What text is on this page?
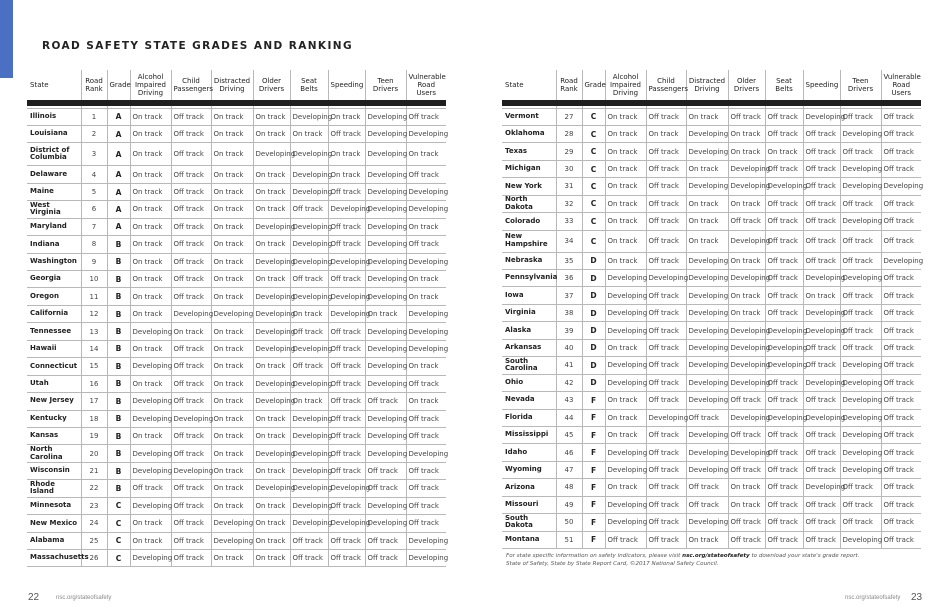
ROAD SAFETY STATE GRADES AND RANKING
State	Road Rank	Grade	Alcohol Impaired Driving	Child Passengers	Distracted Driving	Older Drivers	Seat Belts	Speeding	Teen Drivers	Vulnerable Road Users

Illinois	1	A	On track	Off track	On track	On track	Developing	On track	Developing	Off track
Louisiana	2	A	On track	Off track	On track	On track	On track	Off track	Developing	Developing
District of Columbia	3	A	On track	Off track	On track	Developing	Developing	On track	Developing	On track
Delaware	4	A	On track	Off track	On track	On track	Developing	On track	Developing	Off track
Maine	5	A	On track	Off track	On track	On track	Developing	Off track	Developing	Developing
West Virginia	6	A	On track	Off track	On track	On track	Off track	Developing	Developing	Developing
Maryland	7	A	On track	Off track	On track	Developing	Developing	Off track	Developing	On track
Indiana	8	B	On track	Off track	On track	On track	Developing	Off track	Developing	Off track
Washington	9	B	On track	Off track	On track	Developing	Developing	Developing	Developing	Developing
Georgia	10	B	On track	Off track	On track	On track	Off track	Off track	Developing	On track
Oregon	11	B	On track	Off track	On track	Developing	Developing	Developing	Developing	On track
California	12	B	On track	Developing	Developing	Developing	On track	Developing	On track	Developing
Tennessee	13	B	Developing	On track	On track	Developing	Off track	Off track	Developing	Developing
Hawaii	14	B	On track	Off track	On track	Developing	Developing	Off track	Developing	Developing
Connecticut	15	B	Developing	Off track	On track	On track	Off track	Off track	Developing	On track
Utah	16	B	On track	Off track	On track	Developing	Developing	Off track	Developing	Off track
New Jersey	17	B	Developing	Off track	On track	Developing	On track	Off track	Off track	On track
Kentucky	18	B	Developing	Developing	On track	On track	Developing	Off track	Developing	Off track
Kansas	19	B	On track	Off track	On track	On track	Developing	Off track	Developing	Off track
North Carolina	20	B	Developing	Off track	On track	Developing	Developing	Off track	Developing	Developing
Wisconsin	21	B	Developing	Developing	On track	On track	Developing	Off track	Off track	Off track
Rhode Island	22	B	Off track	Off track	On track	Developing	Developing	Developing	Off track	Off track
Minnesota	23	C	Developing	Off track	On track	On track	Developing	Off track	Developing	Off track
New Mexico	24	C	On track	Off track	Developing	On track	Developing	Developing	Developing	Off track
Alabama	25	C	On track	Off track	Developing	On track	Off track	Off track	Off track	Developing
Massachusetts	26	C	Developing	Off track	On track	On track	Off track	Off track	Off track	Developing
State	Road Rank	Grade	Alcohol Impaired Driving	Child Passengers	Distracted Driving	Older Drivers	Seat Belts	Speeding	Teen Drivers	Vulnerable Road Users

Vermont	27	C	On track	Off track	On track	Off track	Off track	Developing	Off track	Off track
Oklahoma	28	C	On track	On track	Developing	On track	Off track	Off track	Developing	Off track
Texas	29	C	On track	Off track	Developing	On track	On track	Off track	Off track	Off track
Michigan	30	C	On track	Off track	On track	Developing	Off track	Off track	Developing	Off track
New York	31	C	On track	Off track	Developing	Developing	Developing	Off track	Developing	Developing
North Dakota	32	C	On track	Off track	On track	On track	Off track	Off track	Off track	Off track
Colorado	33	C	On track	Off track	On track	Off track	Off track	Off track	Developing	Off track
New Hampshire	34	C	On track	Off track	On track	Developing	Off track	Off track	Off track	Off track
Nebraska	35	D	On track	Off track	Developing	On track	Off track	Off track	Off track	Developing
Pennsylvania	36	D	Developing	Developing	Developing	Developing	Off track	Developing	Developing	Off track
Iowa	37	D	Developing	Off track	Developing	On track	Off track	On track	Off track	Off track
Virginia	38	D	Developing	Off track	Developing	On track	Off track	Developing	Off track	Off track
Alaska	39	D	Developing	Off track	Developing	Developing	Developing	Developing	Off track	Off track
Arkansas	40	D	On track	Off track	Developing	Developing	Developing	Off track	Off track	Off track
South Carolina	41	D	Developing	Off track	Developing	Developing	Developing	Off track	Developing	Off track
Ohio	42	D	Developing	Off track	Developing	Developing	Off track	Developing	Developing	Off track
Nevada	43	F	On track	Off track	Developing	Off track	Off track	Off track	Developing	Off track
Florida	44	F	On track	Developing	Off track	Developing	Developing	Developing	Developing	Off track
Mississippi	45	F	On track	Off track	Developing	Off track	Off track	Off track	Developing	Off track
Idaho	46	F	Developing	Off track	Developing	Developing	Off track	Off track	Developing	Off track
Wyoming	47	F	Developing	Off track	Developing	Off track	Off track	Off track	Developing	Off track
Arizona	48	F	On track	Off track	Off track	On track	Off track	Developing	Off track	Off track
Missouri	49	F	Developing	Off track	Off track	On track	Off track	Off track	Off track	Off track
South Dakota	50	F	Developing	Off track	Developing	Off track	Off track	Off track	Off track	Off track
Montana	51	F	Off track	Off track	On track	Off track	Off track	Off track	Developing	Off track
For state specific information on safety indicators, please visit nsc.org/stateofsafety to download your state's grade report.
State of Safety, State by State Report Card, ©2017 National Safety Council.
22	nsc.org/stateofsafety	nsc.org/stateofsafety 23
